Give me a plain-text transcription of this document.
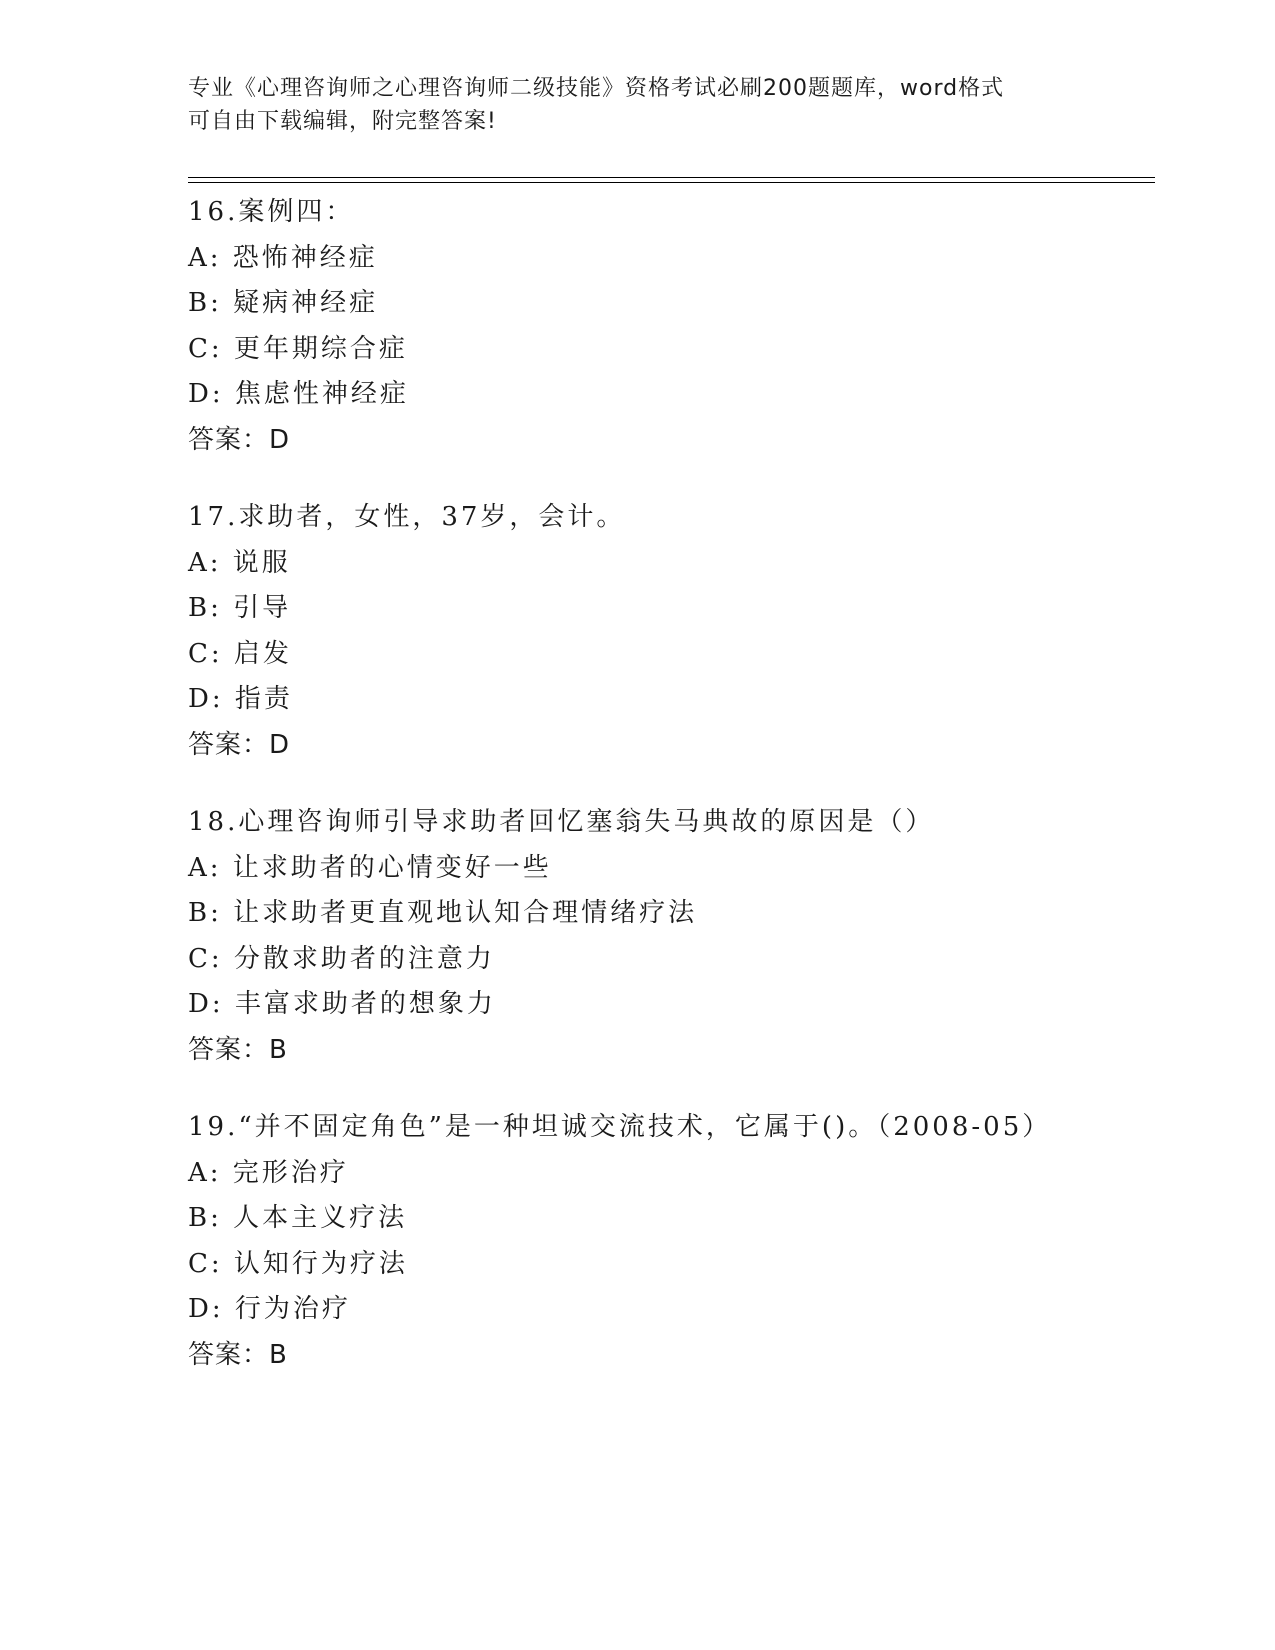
专业《心理咨询师之心理咨询师二级技能》资格考试必刷200题题库，word格式
可自由下载编辑，附完整答案!
16.案例四：
A: 恐怖神经症
B: 疑病神经症
C: 更年期综合症
D: 焦虑性神经症
答案：D
17.求助者，女性，37岁，会计。
A: 说服
B: 引导
C: 启发
D: 指责
答案：D
18.心理咨询师引导求助者回忆塞翁失马典故的原因是（）
A: 让求助者的心情变好一些
B: 让求助者更直观地认知合理情绪疗法
C: 分散求助者的注意力
D: 丰富求助者的想象力
答案：B
19.“并不固定角色”是一种坦诚交流技术，它属于()。（2008-05）
A: 完形治疗
B: 人本主义疗法
C: 认知行为疗法
D: 行为治疗
答案：B
